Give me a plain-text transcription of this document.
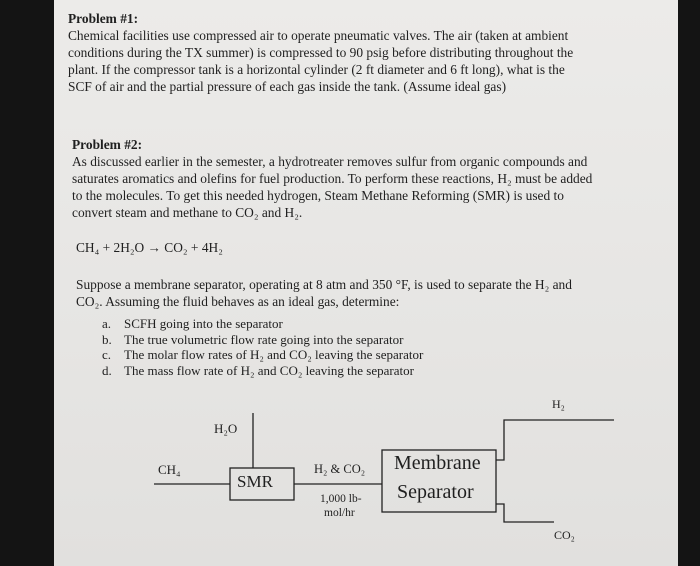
Problem #1:
Chemical facilities use compressed air to operate pneumatic valves. The air (taken at ambient
conditions during the TX summer) is compressed to 90 psig before distributing throughout the
plant. If the compressor tank is a horizontal cylinder (2 ft diameter and 6 ft long), what is the
SCF of air and the partial pressure of each gas inside the tank. (Assume ideal gas)
Problem #2:
As discussed earlier in the semester, a hydrotreater removes sulfur from organic compounds and
saturates aromatics and olefins for fuel production. To perform these reactions, H₂ must be added
to the molecules. To get this needed hydrogen, Steam Methane Reforming (SMR) is used to
convert steam and methane to CO₂ and H₂.
CH₄ + 2H₂O → CO₂ + 4H₂
Suppose a membrane separator, operating at 8 atm and 350 °F, is used to separate the H₂ and
CO₂. Assuming the fluid behaves as an ideal gas, determine:
a. SCFH going into the separator
b. The true volumetric flow rate going into the separator
c. The molar flow rates of H₂ and CO₂ leaving the separator
d. The mass flow rate of H₂ and CO₂ leaving the separator
H₂O
CH₄
SMR
H₂ & CO₂
1,000 lb-
mol/hr
Membrane
Separator
H₂
CO₂
